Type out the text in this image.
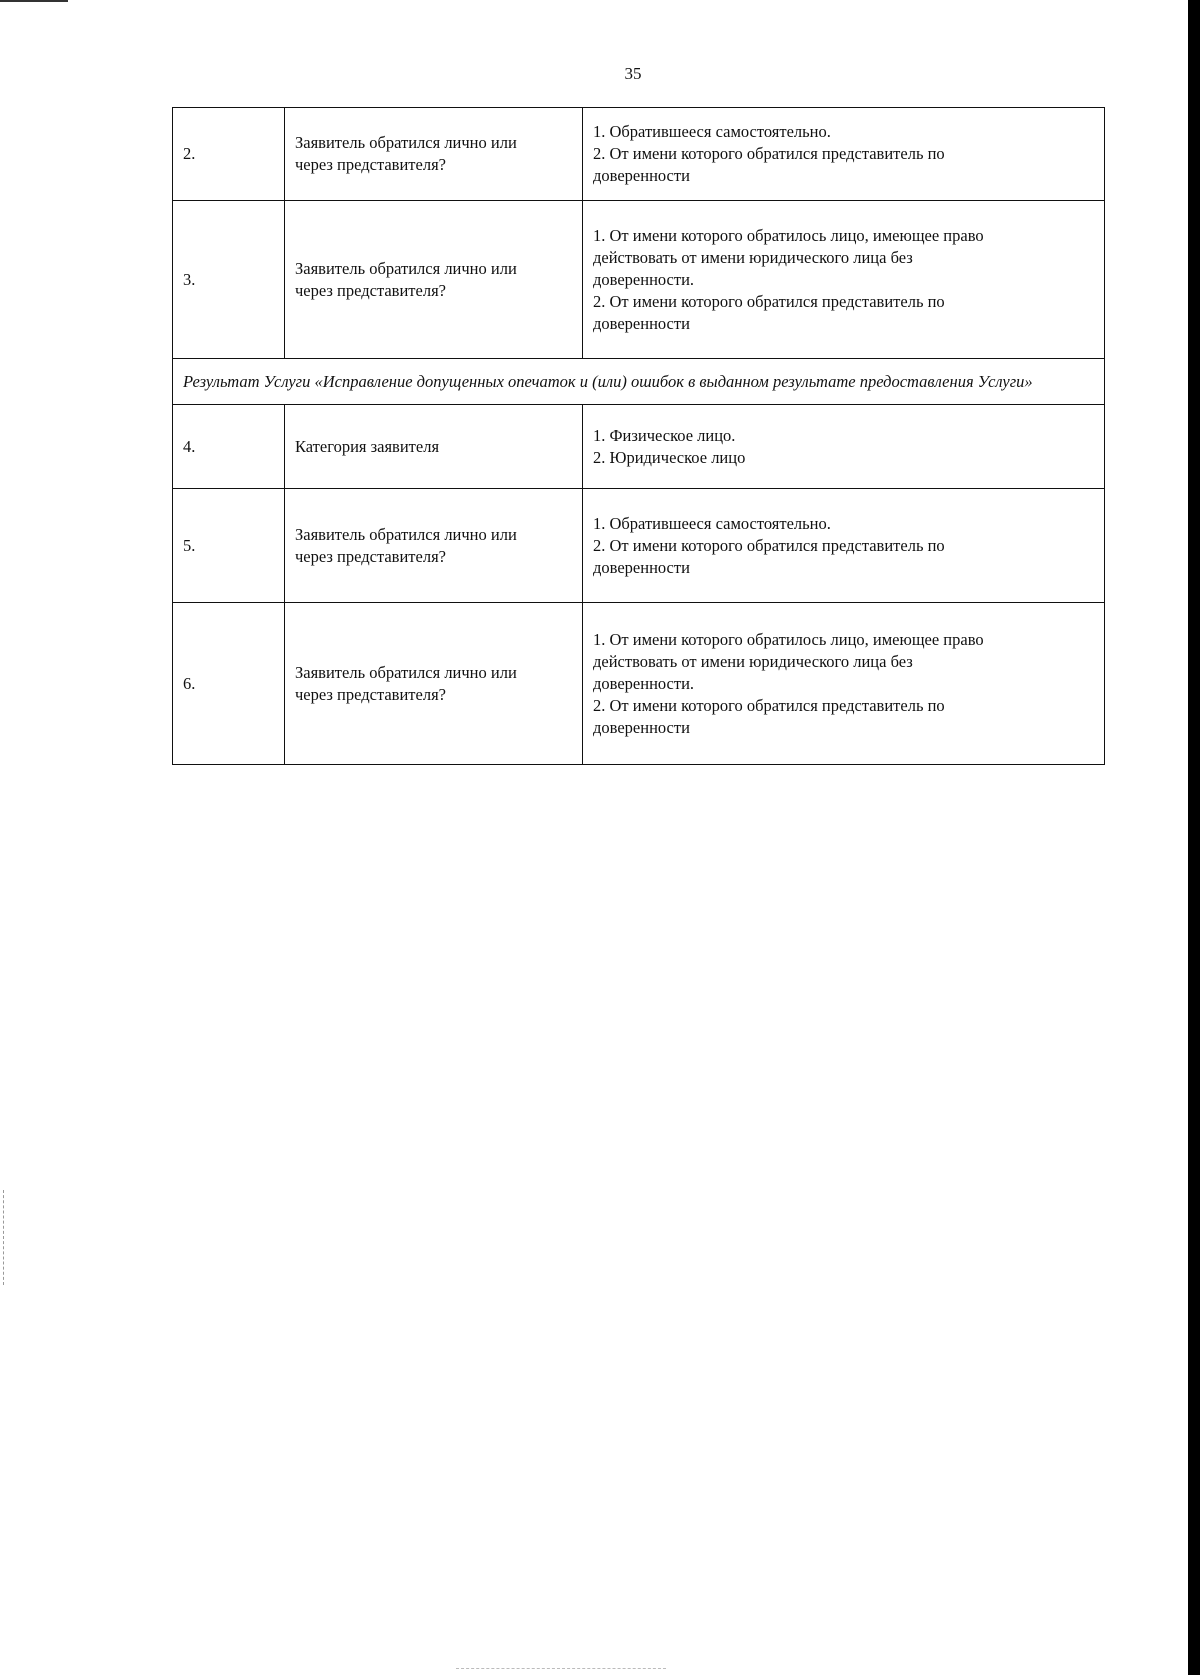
35
2.	Заявитель обратился лично или
через представителя?	1. Обратившееся самостоятельно.
2. От имени которого обратился представитель по
доверенности

3.	Заявитель обратился лично или
через представителя?	1. От имени которого обратилось лицо, имеющее право
действовать от имени юридического лица без
доверенности.
2. От имени которого обратился представитель по
доверенности

Результат Услуги «Исправление допущенных опечаток и (или) ошибок в выданном результате предоставления Услуги»		
4.	Категория заявителя	1. Физическое лицо.
2. Юридическое лицо

5.	Заявитель обратился лично или
через представителя?	1. Обратившееся самостоятельно.
2. От имени которого обратился представитель по
доверенности

6.	Заявитель обратился лично или
через представителя?	1. От имени которого обратилось лицо, имеющее право
действовать от имени юридического лица без
доверенности.
2. От имени которого обратился представитель по
доверенности
